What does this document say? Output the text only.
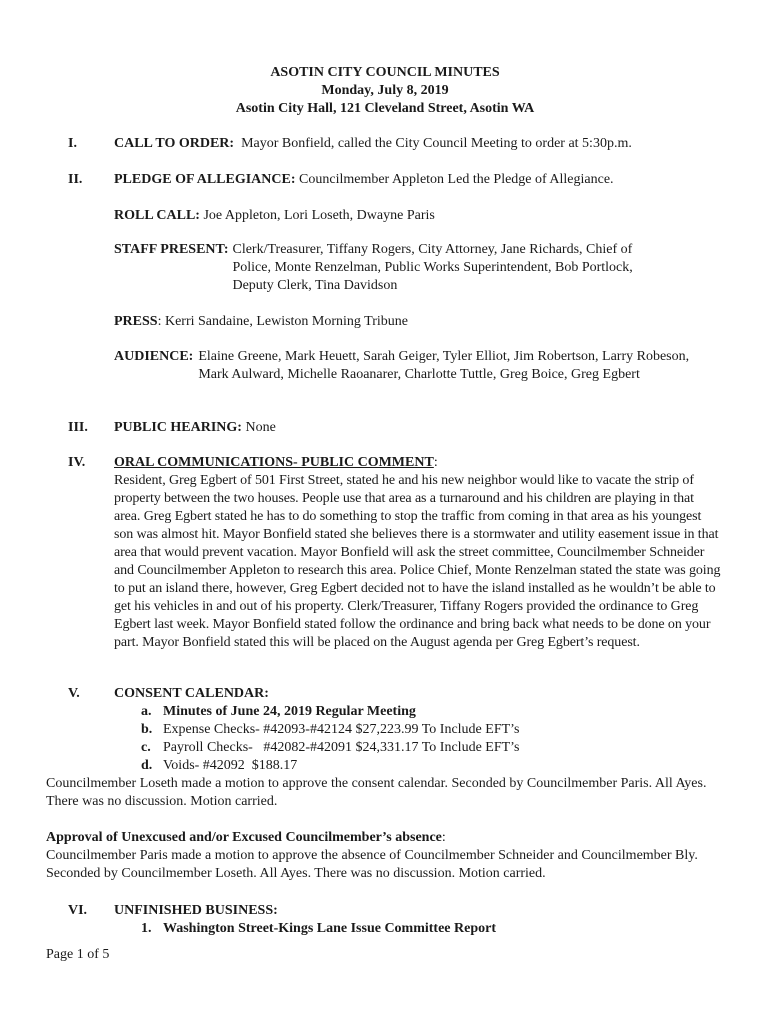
ASOTIN CITY COUNCIL MINUTES
Monday, July 8, 2019
Asotin City Hall, 121 Cleveland Street, Asotin WA
I.	CALL TO ORDER: Mayor Bonfield, called the City Council Meeting to order at 5:30p.m.
II. PLEDGE OF ALLEGIANCE: Councilmember Appleton Led the Pledge of Allegiance.
ROLL CALL: Joe Appleton, Lori Loseth, Dwayne Paris
STAFF PRESENT: Clerk/Treasurer, Tiffany Rogers, City Attorney, Jane Richards, Chief of Police, Monte Renzelman, Public Works Superintendent, Bob Portlock, Deputy Clerk, Tina Davidson
PRESS: Kerri Sandaine, Lewiston Morning Tribune
AUDIENCE: Elaine Greene, Mark Heuett, Sarah Geiger, Tyler Elliot, Jim Robertson, Larry Robeson, Mark Aulward, Michelle Raoanarer, Charlotte Tuttle, Greg Boice, Greg Egbert
III. PUBLIC HEARING: None
IV. ORAL COMMUNICATIONS- PUBLIC COMMENT:
Resident, Greg Egbert of 501 First Street, stated he and his new neighbor would like to vacate the strip of property between the two houses. People use that area as a turnaround and his children are playing in that area. Greg Egbert stated he has to do something to stop the traffic from coming in that area as his youngest son was almost hit. Mayor Bonfield stated she believes there is a stormwater and utility easement issue in that area that would prevent vacation. Mayor Bonfield will ask the street committee, Councilmember Schneider and Councilmember Appleton to research this area. Police Chief, Monte Renzelman stated the state was going to put an island there, however, Greg Egbert decided not to have the island installed as he wouldn’t be able to get his vehicles in and out of his property. Clerk/Treasurer, Tiffany Rogers provided the ordinance to Greg Egbert last week. Mayor Bonfield stated follow the ordinance and bring back what needs to be done on your part. Mayor Bonfield stated this will be placed on the August agenda per Greg Egbert’s request.
V. CONSENT CALENDAR:
a. Minutes of June 24, 2019 Regular Meeting
b. Expense Checks- #42093-#42124 $27,223.99 To Include EFT’s
c. Payroll Checks-   #42082-#42091 $24,331.17 To Include EFT’s
d. Voids- #42092  $188.17
Councilmember Loseth made a motion to approve the consent calendar. Seconded by Councilmember Paris. All Ayes. There was no discussion. Motion carried.
Approval of Unexcused and/or Excused Councilmember’s absence:
Councilmember Paris made a motion to approve the absence of Councilmember Schneider and Councilmember Bly. Seconded by Councilmember Loseth. All Ayes. There was no discussion. Motion carried.
VI. UNFINISHED BUSINESS:
1. Washington Street-Kings Lane Issue Committee Report
Page 1 of 5
